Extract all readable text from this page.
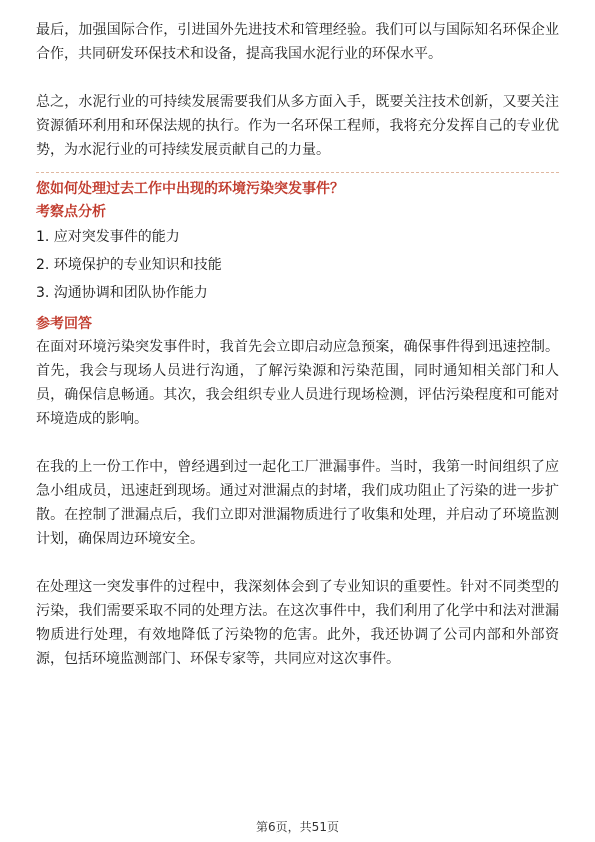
最后，加强国际合作，引进国外先进技术和管理经验。我们可以与国际知名环保企业合作，共同研发环保技术和设备，提高我国水泥行业的环保水平。

总之，水泥行业的可持续发展需要我们从多方面入手，既要关注技术创新，又要关注资源循环利用和环保法规的执行。作为一名环保工程师，我将充分发挥自己的专业优势，为水泥行业的可持续发展贡献自己的力量。

您如何处理过去工作中出现的环境污染突发事件？

考察点分析

1. 应对突发事件的能力
2. 环境保护的专业知识和技能
3. 沟通协调和团队协作能力

参考回答

在面对环境污染突发事件时，我首先会立即启动应急预案，确保事件得到迅速控制。首先，我会与现场人员进行沟通，了解污染源和污染范围，同时通知相关部门和人员，确保信息畅通。其次，我会组织专业人员进行现场检测，评估污染程度和可能对环境造成的影响。

在我的上一份工作中，曾经遇到过一起化工厂泄漏事件。当时，我第一时间组织了应急小组成员，迅速赶到现场。通过对泄漏点的封堵，我们成功阻止了污染的进一步扩散。在控制了泄漏点后，我们立即对泄漏物质进行了收集和处理，并启动了环境监测计划，确保周边环境安全。

在处理这一突发事件的过程中，我深刻体会到了专业知识的重要性。针对不同类型的污染，我们需要采取不同的处理方法。在这次事件中，我们利用了化学中和法对泄漏物质进行处理，有效地降低了污染物的危害。此外，我还协调了公司内部和外部资源，包括环境监测部门、环保专家等，共同应对这次事件。

第6页，共51页
